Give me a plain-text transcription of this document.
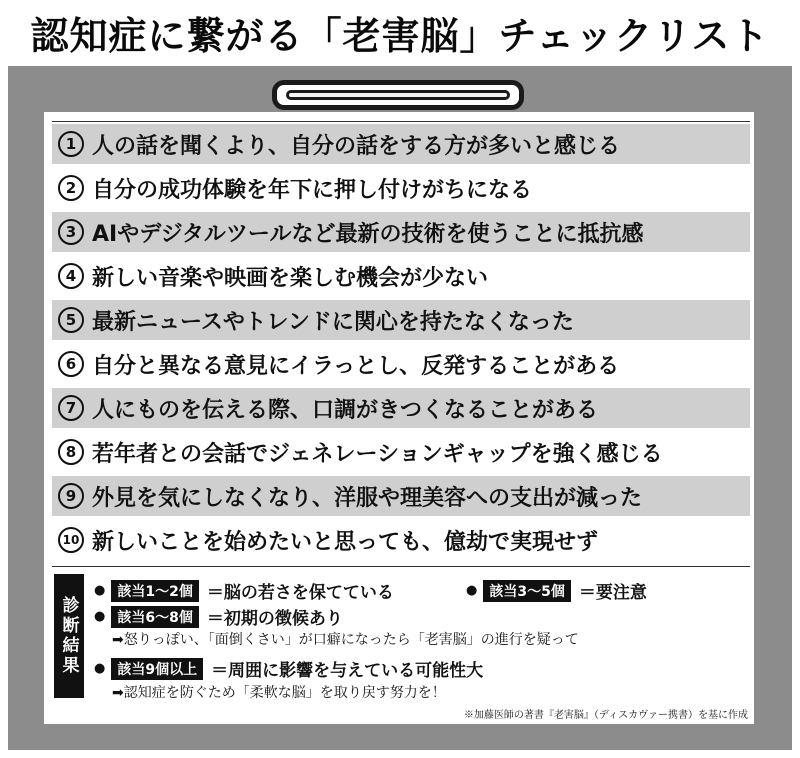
認知症に繋がる「老害脳」チェックリスト
1 人の話を聞くより、自分の話をする方が多いと感じる
2 自分の成功体験を年下に押し付けがちになる
3 AIやデジタルツールなど最新の技術を使うことに抵抗感
4 新しい音楽や映画を楽しむ機会が少ない
5 最新ニュースやトレンドに関心を持たなくなった
6 自分と異なる意見にイラっとし、反発することがある
7 人にものを伝える際、口調がきつくなることがある
8 若年者との会話でジェネレーションギャップを強く感じる
9 外見を気にしなくなり、洋服や理美容への支出が減った
10 新しいことを始めたいと思っても、億劫で実現せず
診断結果
● 該当1〜2個 ＝脳の若さを保てている	● 該当3〜5個 ＝要注意
● 該当6〜8個 ＝初期の徴候あり
➡怒りっぽい、「面倒くさい」が口癖になったら「老害脳」の進行を疑って
● 該当9個以上 ＝周囲に影響を与えている可能性大
➡認知症を防ぐため「柔軟な脳」を取り戻す努力を！
※加藤医師の著書『老害脳』（ディスカヴァー携書）を基に作成
